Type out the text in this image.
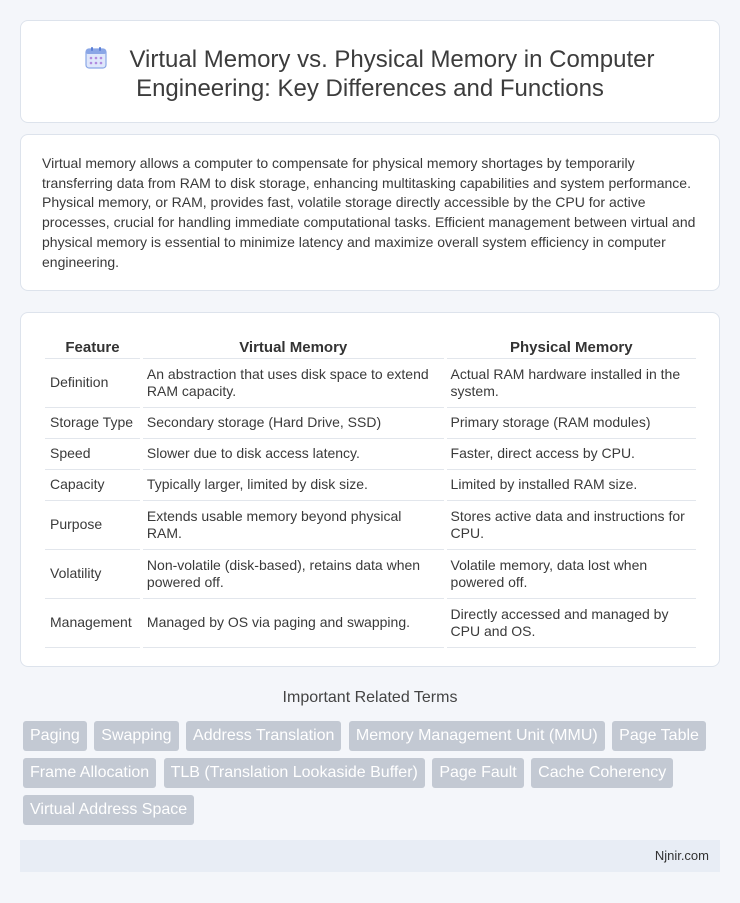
Virtual Memory vs. Physical Memory in Computer Engineering: Key Differences and Functions

Virtual memory allows a computer to compensate for physical memory shortages by temporarily transferring data from RAM to disk storage, enhancing multitasking capabilities and system performance. Physical memory, or RAM, provides fast, volatile storage directly accessible by the CPU for active processes, crucial for handling immediate computational tasks. Efficient management between virtual and physical memory is essential to minimize latency and maximize overall system efficiency in computer engineering.

Feature	Virtual Memory	Physical Memory
Definition	An abstraction that uses disk space to extend RAM capacity.	Actual RAM hardware installed in the system.
Storage Type	Secondary storage (Hard Drive, SSD)	Primary storage (RAM modules)
Speed	Slower due to disk access latency.	Faster, direct access by CPU.
Capacity	Typically larger, limited by disk size.	Limited by installed RAM size.
Purpose	Extends usable memory beyond physical RAM.	Stores active data and instructions for CPU.
Volatility	Non-volatile (disk-based), retains data when powered off.	Volatile memory, data lost when powered off.
Management	Managed by OS via paging and swapping.	Directly accessed and managed by CPU and OS.
Important Related Terms
Paging Swapping Address Translation Memory Management Unit (MMU) Page Table Frame Allocation TLB (Translation Lookaside Buffer) Page Fault Cache Coherency Virtual Address Space
Njnir.com
